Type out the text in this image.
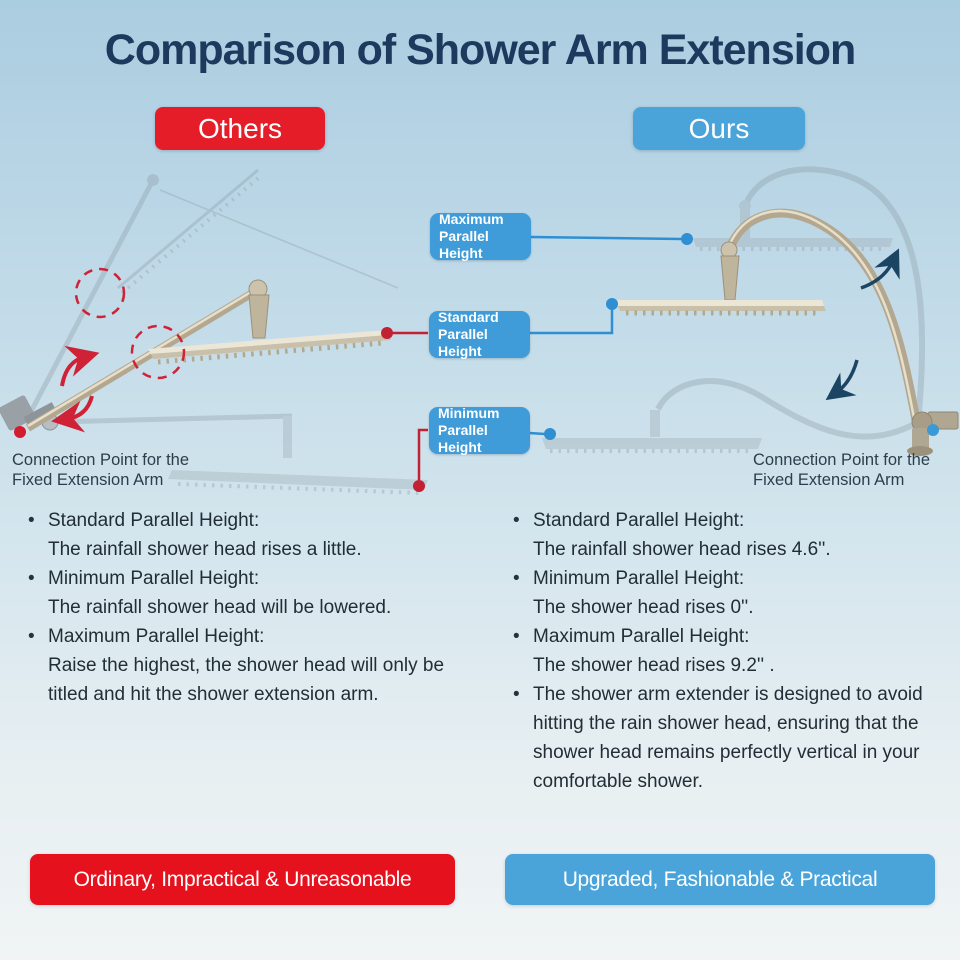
Comparison of Shower Arm Extension
Others	Ours
Maximum
Parallel Height
Standard
Parallel Height
Minimum
Parallel Height
Connection Point for the
Fixed Extension Arm
Connection Point for the
Fixed Extension Arm
•
Standard Parallel Height:
The rainfall shower head rises a little.
•
Minimum Parallel Height:
The rainfall shower head will be lowered.
•
Maximum Parallel Height:
Raise the highest, the shower head will only be titled and hit the shower extension arm.
•
Standard Parallel Height:
The rainfall shower head rises 4.6''.
•
Minimum Parallel Height:
The shower head rises 0''.
•
Maximum Parallel Height:
The shower head rises 9.2'' .
•
The shower arm extender is designed to avoid hitting the rain shower head, ensuring that the shower head remains perfectly vertical in your comfortable shower.
Ordinary, Impractical & Unreasonable	Upgraded, Fashionable & Practical
